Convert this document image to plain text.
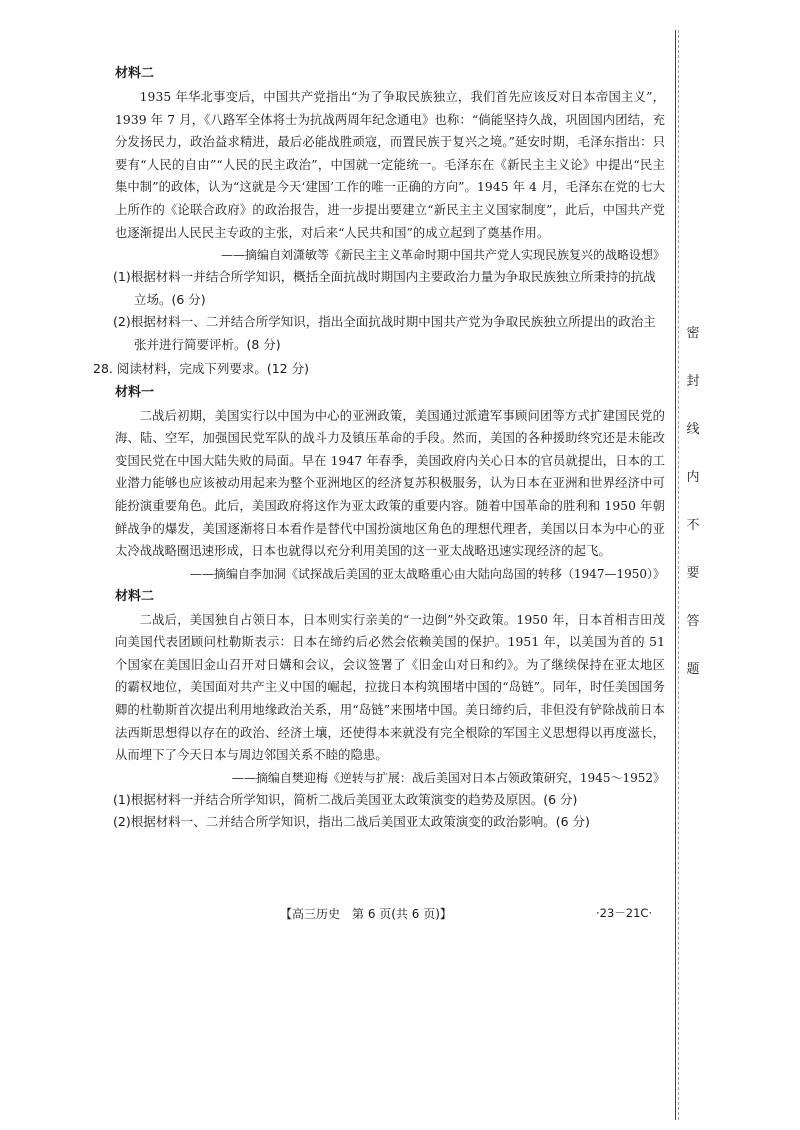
材料二

1935 年华北事变后，中国共产党指出“为了争取民族独立，我们首先应该反对日本帝国主义”，1939 年 7 月，《八路军全体将士为抗战两周年纪念通电》也称：“倘能坚持久战，巩固国内团结，充分发扬民力，政治益求精进，最后必能战胜顽寇，而置民族于复兴之境。”延安时期，毛泽东指出：只要有“人民的自由”“人民的民主政治”，中国就一定能统一。毛泽东在《新民主主义论》中提出“民主集中制”的政体，认为“这就是今天‘建国’工作的唯一正确的方向”。1945 年 4 月，毛泽东在党的七大上所作的《论联合政府》的政治报告，进一步提出要建立“新民主主义国家制度”，此后，中国共产党也逐渐提出人民民主专政的主张，对后来“人民共和国”的成立起到了奠基作用。

——摘编自刘潇敏等《新民主主义革命时期中国共产党人实现民族复兴的战略设想》

(1)根据材料一并结合所学知识，概括全面抗战时期国内主要政治力量为争取民族独立所秉持的抗战立场。(6 分)

(2)根据材料一、二并结合所学知识，指出全面抗战时期中国共产党为争取民族独立所提出的政治主张并进行简要评析。(8 分)

28. 阅读材料，完成下列要求。(12 分)

材料一

二战后初期，美国实行以中国为中心的亚洲政策，美国通过派遣军事顾问团等方式扩建国民党的海、陆、空军，加强国民党军队的战斗力及镇压革命的手段。然而，美国的各种援助终究还是未能改变国民党在中国大陆失败的局面。早在 1947 年春季，美国政府内关心日本的官员就提出，日本的工业潜力能够也应该被动用起来为整个亚洲地区的经济复苏积极服务，认为日本在亚洲和世界经济中可能扮演重要角色。此后，美国政府将这作为亚太政策的重要内容。随着中国革命的胜利和 1950 年朝鲜战争的爆发，美国逐渐将日本看作是替代中国扮演地区角色的理想代理者，美国以日本为中心的亚太冷战战略圈迅速形成，日本也就得以充分利用美国的这一亚太战略迅速实现经济的起飞。

——摘编自李加洞《试探战后美国的亚太战略重心由大陆向岛国的转移（1947—1950）》

材料二

二战后，美国独自占领日本，日本则实行亲美的“一边倒”外交政策。1950 年，日本首相吉田茂向美国代表团顾问杜勒斯表示：日本在缔约后必然会依赖美国的保护。1951 年，以美国为首的 51 个国家在美国旧金山召开对日媾和会议，会议签署了《旧金山对日和约》。为了继续保持在亚太地区的霸权地位，美国面对共产主义中国的崛起，拉拢日本构筑围堵中国的“岛链”。同年，时任美国国务卿的杜勒斯首次提出利用地缘政治关系，用“岛链”来围堵中国。美日缔约后，非但没有铲除战前日本法西斯思想得以存在的政治、经济土壤，还使得本来就没有完全根除的军国主义思想得以再度滋长，从而埋下了今天日本与周边邻国关系不睦的隐患。

——摘编自樊迎梅《逆转与扩展：战后美国对日本占领政策研究，1945～1952》

(1)根据材料一并结合所学知识，简析二战后美国亚太政策演变的趋势及原因。(6 分)

(2)根据材料一、二并结合所学知识，指出二战后美国亚太政策演变的政治影响。(6 分)

密
封
线
内
不
要
答
题
【高三历史　第 6 页(共 6 页)】	·23－21C·
